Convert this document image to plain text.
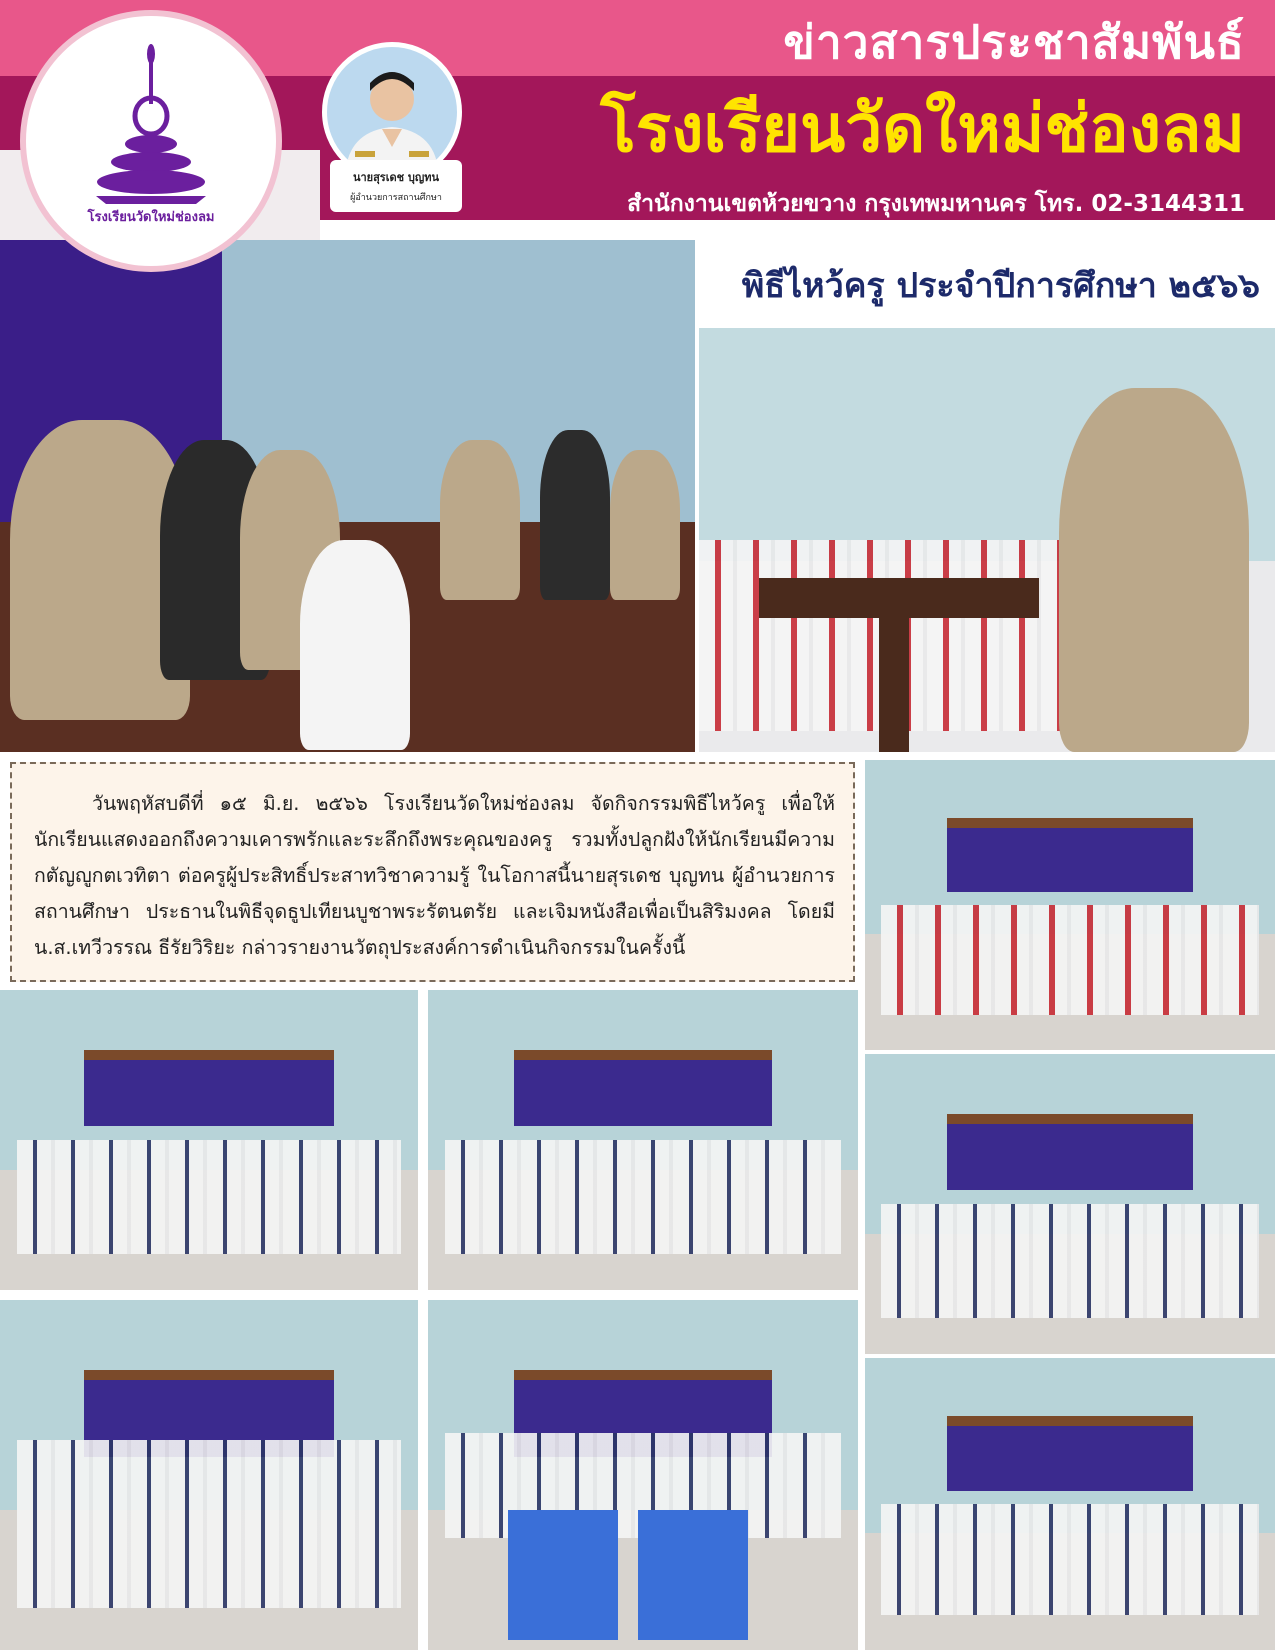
ข่าวสารประชาสัมพันธ์
โรงเรียนวัดใหม่ช่องลม
สำนักงานเขตห้วยขวาง กรุงเทพมหานคร โทร. 02-3144311
โรงเรียนวัดใหม่ช่องลม
นายสุรเดช บุญทน
ผู้อำนวยการสถานศึกษา
พิธีไหว้ครู ประจำปีการศึกษา ๒๕๖๖

วันพฤหัสบดีที่ ๑๕ มิ.ย. ๒๕๖๖ โรงเรียนวัดใหม่ช่องลม จัดกิจกรรมพิธีไหว้ครู เพื่อให้นักเรียนแสดงออกถึงความเคารพรักและระลึกถึงพระคุณของครู รวมทั้งปลูกฝังให้นักเรียนมีความกตัญญูกตเวทิตา ต่อครูผู้ประสิทธิ์ประสาทวิชาความรู้ ในโอกาสนี้นายสุรเดช บุญทน ผู้อำนวยการสถานศึกษา ประธานในพิธีจุดธูปเทียนบูชาพระรัตนตรัย และเจิมหนังสือเพื่อเป็นสิริมงคล โดยมี น.ส.เทวีวรรณ ธีรัยวิริยะ กล่าวรายงานวัตถุประสงค์การดำเนินกิจกรรมในครั้งนี้
